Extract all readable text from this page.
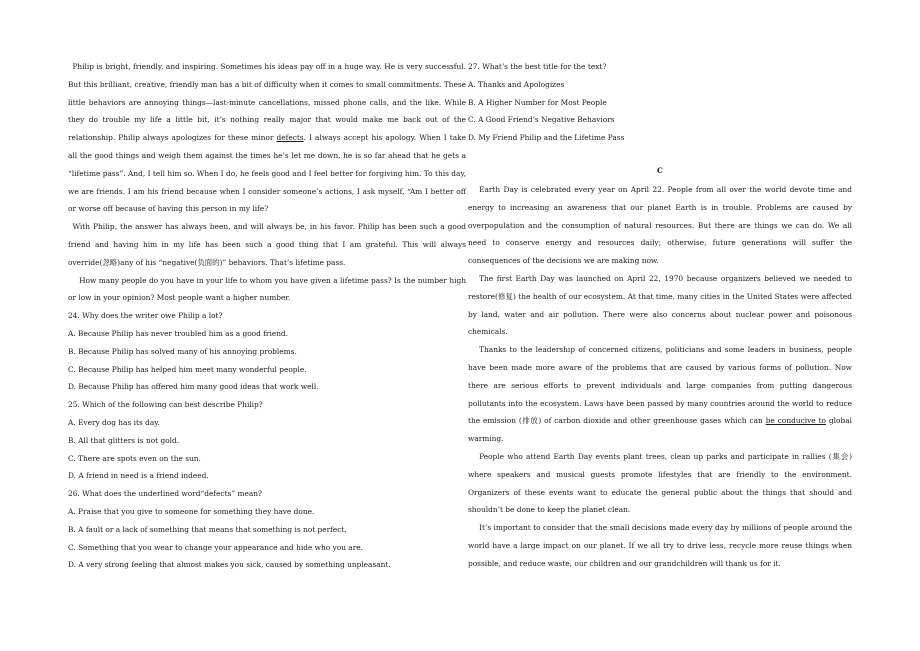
Philip is bright, friendly, and inspiring. Sometimes his ideas pay off in a huge way. He is very successful. But this brilliant, creative, friendly man has a bit of difficulty when it comes to small commitments. These little behaviors are annoying things—last-minute cancellations, missed phone calls, and the like. While they do trouble my life a little bit, it’s nothing really major that would make me back out of the relationship. Philip always apologizes for these minor defects. I always accept his apology. When I take all the good things and weigh them against the times he’s let me down, he is so far ahead that he gets a “lifetime pass”. And, I tell him so. When I do, he feels good and I feel better for forgiving him. To this day, we are friends. I am his friend because when I consider someone’s actions, I ask myself, “Am I better off or worse off because of having this person in my life?

With Philip, the answer has always been, and will always be, in his favor. Philip has been such a good friend and having him in my life has been such a good thing that I am grateful. This will always override(忽略)any of his “negative(负面的)” behaviors. That’s lifetime pass.

How many people do you have in your life to whom you have given a lifetime pass? Is the number high or low in your opinion? Most people want a higher number.

24. Why does the writer owe Philip a lot?

A. Because Philip has never troubled him as a good friend.

B. Because Philip has solved many of his annoying problems.

C. Because Philip has helped him meet many wonderful people.

D. Because Philip has offered him many good ideas that work well.

25. Which of the following can best describe Philip?

A. Every dog has its day.

B. All that glitters is not gold.

C. There are spots even on the sun.

D. A friend in need is a friend indeed.

26. What does the underlined word“defects” mean?

A. Praise that you give to someone for something they have done.

B. A fault or a lack of something that means that something is not perfect.

C. Something that you wear to change your appearance and hide who you are.

D. A very strong feeling that almost makes you sick, caused by something unpleasant.

27. What’s the best title for the text?

A. Thanks and Apologizes

B. A Higher Number for Most People

C. A Good Friend’s Negative Behaviors

D. My Friend Philip and the Lifetime Pass

C

Earth Day is celebrated every year on April 22. People from all over the world devote time and energy to increasing an awareness that our planet Earth is in trouble. Problems are caused by overpopulation and the consumption of natural resources. But there are things we can do. We all need to conserve energy and resources daily; otherwise, future generations will suffer the consequences of the decisions we are making now.

The first Earth Day was launched on April 22, 1970 because organizers believed we needed to restore(修复) the health of our ecosystem. At that time, many cities in the United States were affected by land, water and air pollution. There were also concerns about nuclear power and poisonous chemicals.

Thanks to the leadership of concerned citizens, politicians and some leaders in business, people have been made more aware of the problems that are caused by various forms of pollution. Now there are serious efforts to prevent individuals and large companies from putting dangerous pollutants into the ecosystem. Laws have been passed by many countries around the world to reduce the emission (排放) of carbon dioxide and other greenhouse gases which can be conducive to global warming.

People who attend Earth Day events plant trees, clean up parks and participate in rallies (集会) where speakers and musical guests promote lifestyles that are friendly to the environment. Organizers of these events want to educate the general public about the things that should and shouldn’t be done to keep the planet clean.

It’s important to consider that the small decisions made every day by millions of people around the world have a large impact on our planet. If we all try to drive less, recycle more reuse things when possible, and reduce waste, our children and our grandchildren will thank us for it.
